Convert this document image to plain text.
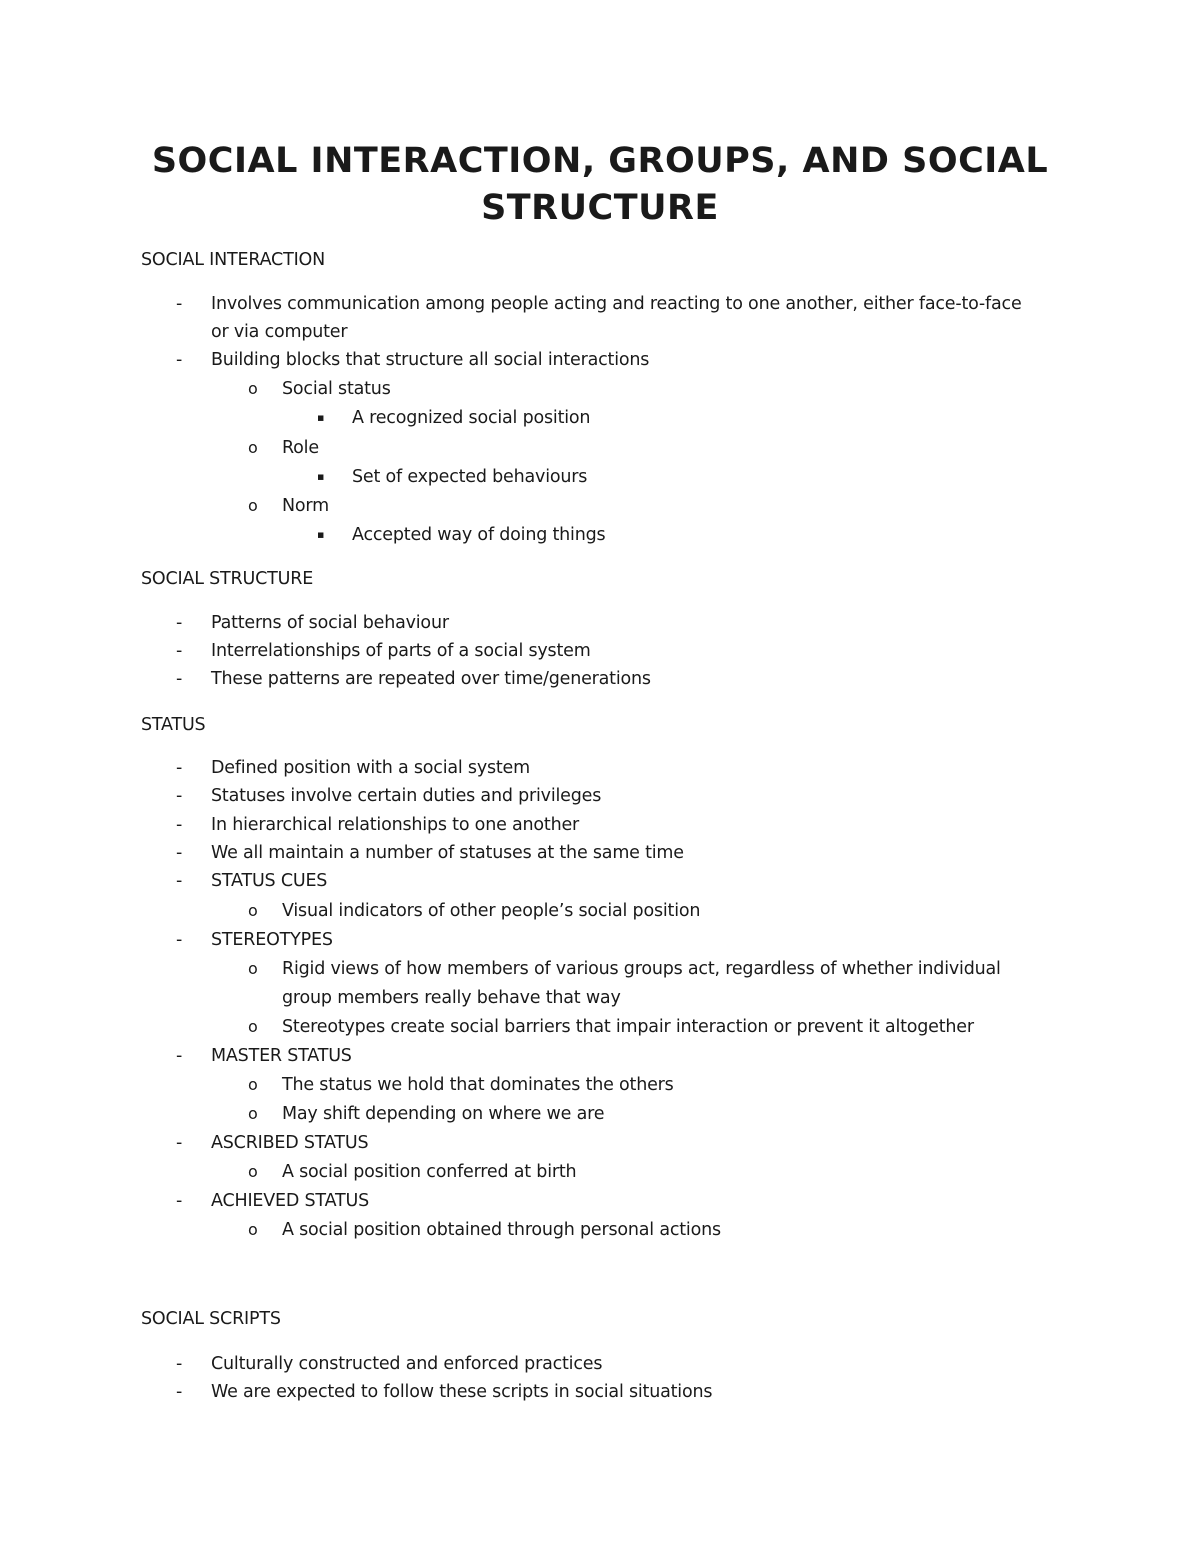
SOCIAL INTERACTION, GROUPS, AND SOCIAL
STRUCTURE
SOCIAL INTERACTION
- Involves communication among people acting and reacting to one another, either face-to-face
or via computer
- Building blocks that structure all social interactions
o Social status
▪ A recognized social position
o Role
▪ Set of expected behaviours
o Norm
▪ Accepted way of doing things
SOCIAL STRUCTURE
- Patterns of social behaviour
- Interrelationships of parts of a social system
- These patterns are repeated over time/generations
STATUS
- Defined position with a social system
- Statuses involve certain duties and privileges
- In hierarchical relationships to one another
- We all maintain a number of statuses at the same time
- STATUS CUES
o Visual indicators of other people’s social position
- STEREOTYPES
o Rigid views of how members of various groups act, regardless of whether individual
group members really behave that way
o Stereotypes create social barriers that impair interaction or prevent it altogether
- MASTER STATUS
o The status we hold that dominates the others
o May shift depending on where we are
- ASCRIBED STATUS
o A social position conferred at birth
- ACHIEVED STATUS
o A social position obtained through personal actions
SOCIAL SCRIPTS
- Culturally constructed and enforced practices
- We are expected to follow these scripts in social situations
